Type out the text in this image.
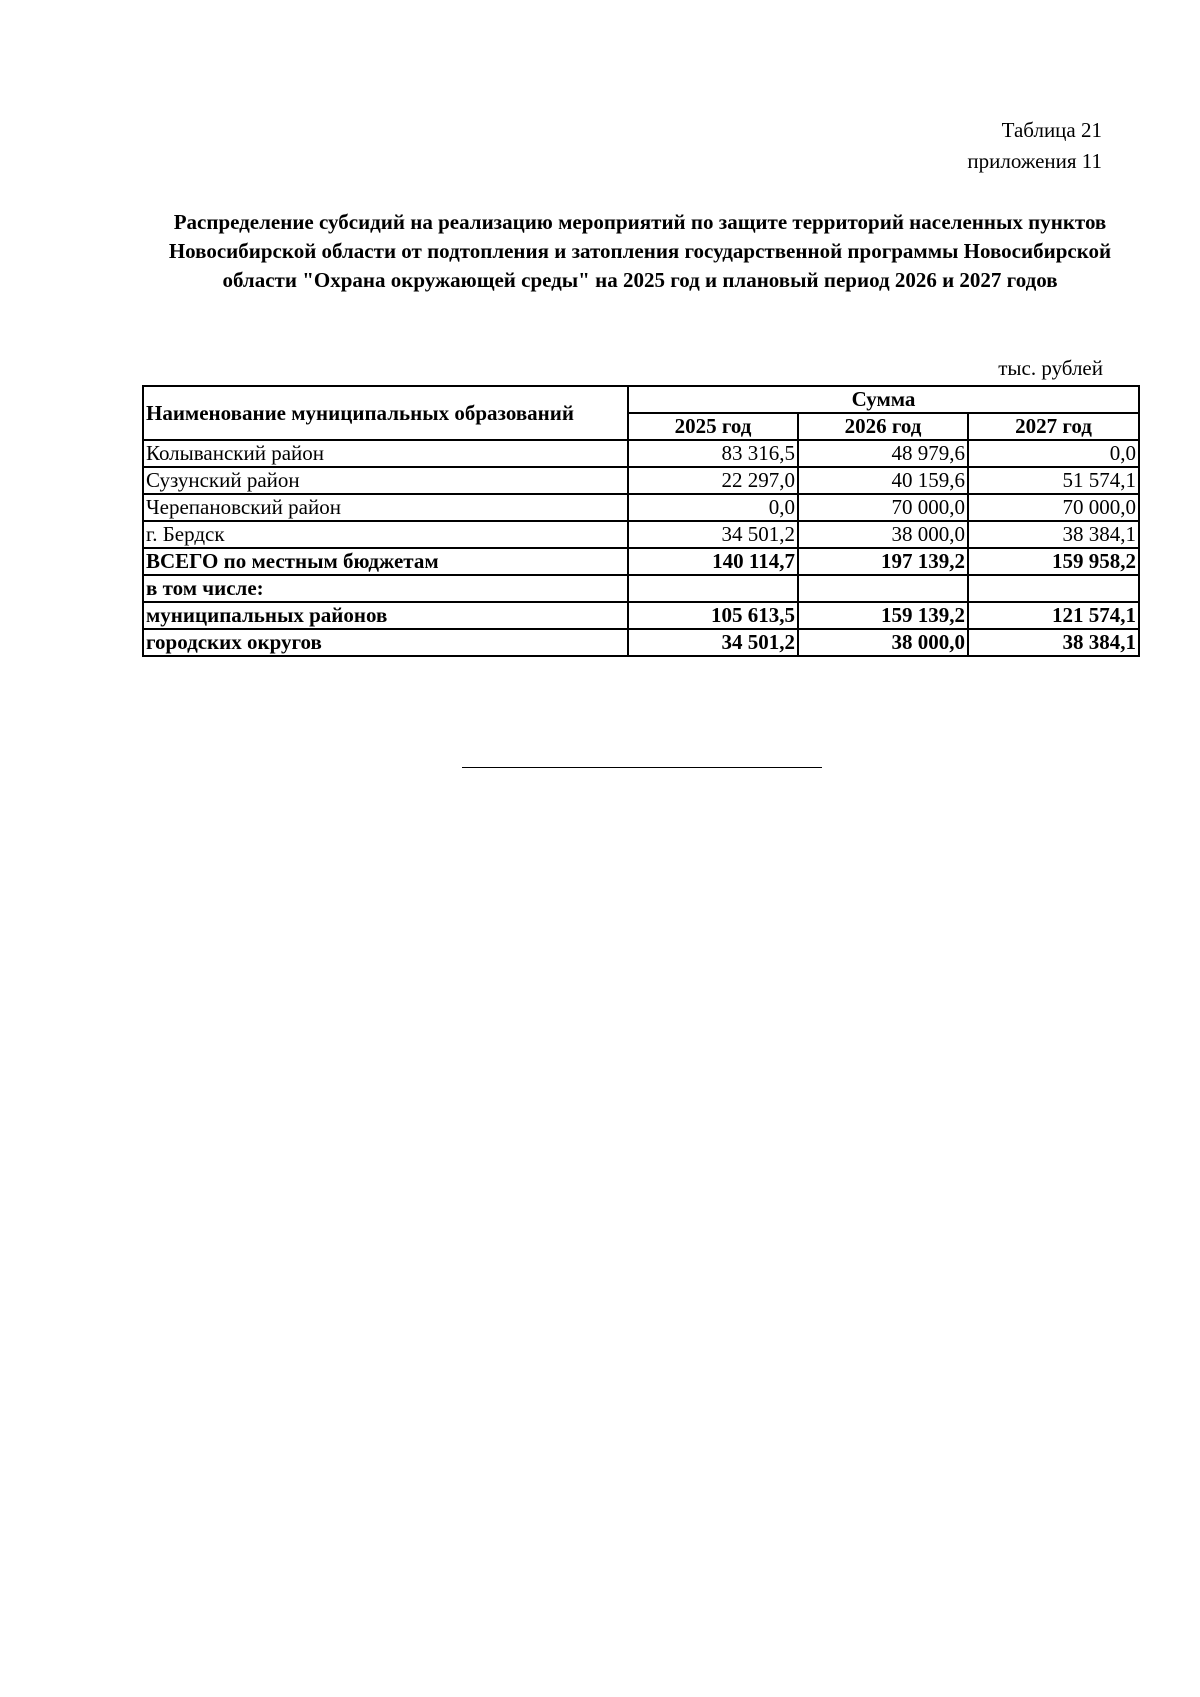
Таблица 21
приложения 11
Распределение субсидий на реализацию мероприятий по защите территорий населенных пунктов Новосибирской области от подтопления и затопления государственной программы Новосибирской области "Охрана окружающей среды" на 2025 год и плановый период 2026 и 2027 годов
тыс. рублей
Наименование муниципальных образований	Сумма		
	2025 год	2026 год	2027 год
Колыванский район	83 316,5	48 979,6	0,0
Сузунский район	22 297,0	40 159,6	51 574,1
Черепановский район	0,0	70 000,0	70 000,0
г. Бердск	34 501,2	38 000,0	38 384,1
ВСЕГО по местным бюджетам	140 114,7	197 139,2	159 958,2
в том числе:			
муниципальных районов	105 613,5	159 139,2	121 574,1
городских округов	34 501,2	38 000,0	38 384,1
